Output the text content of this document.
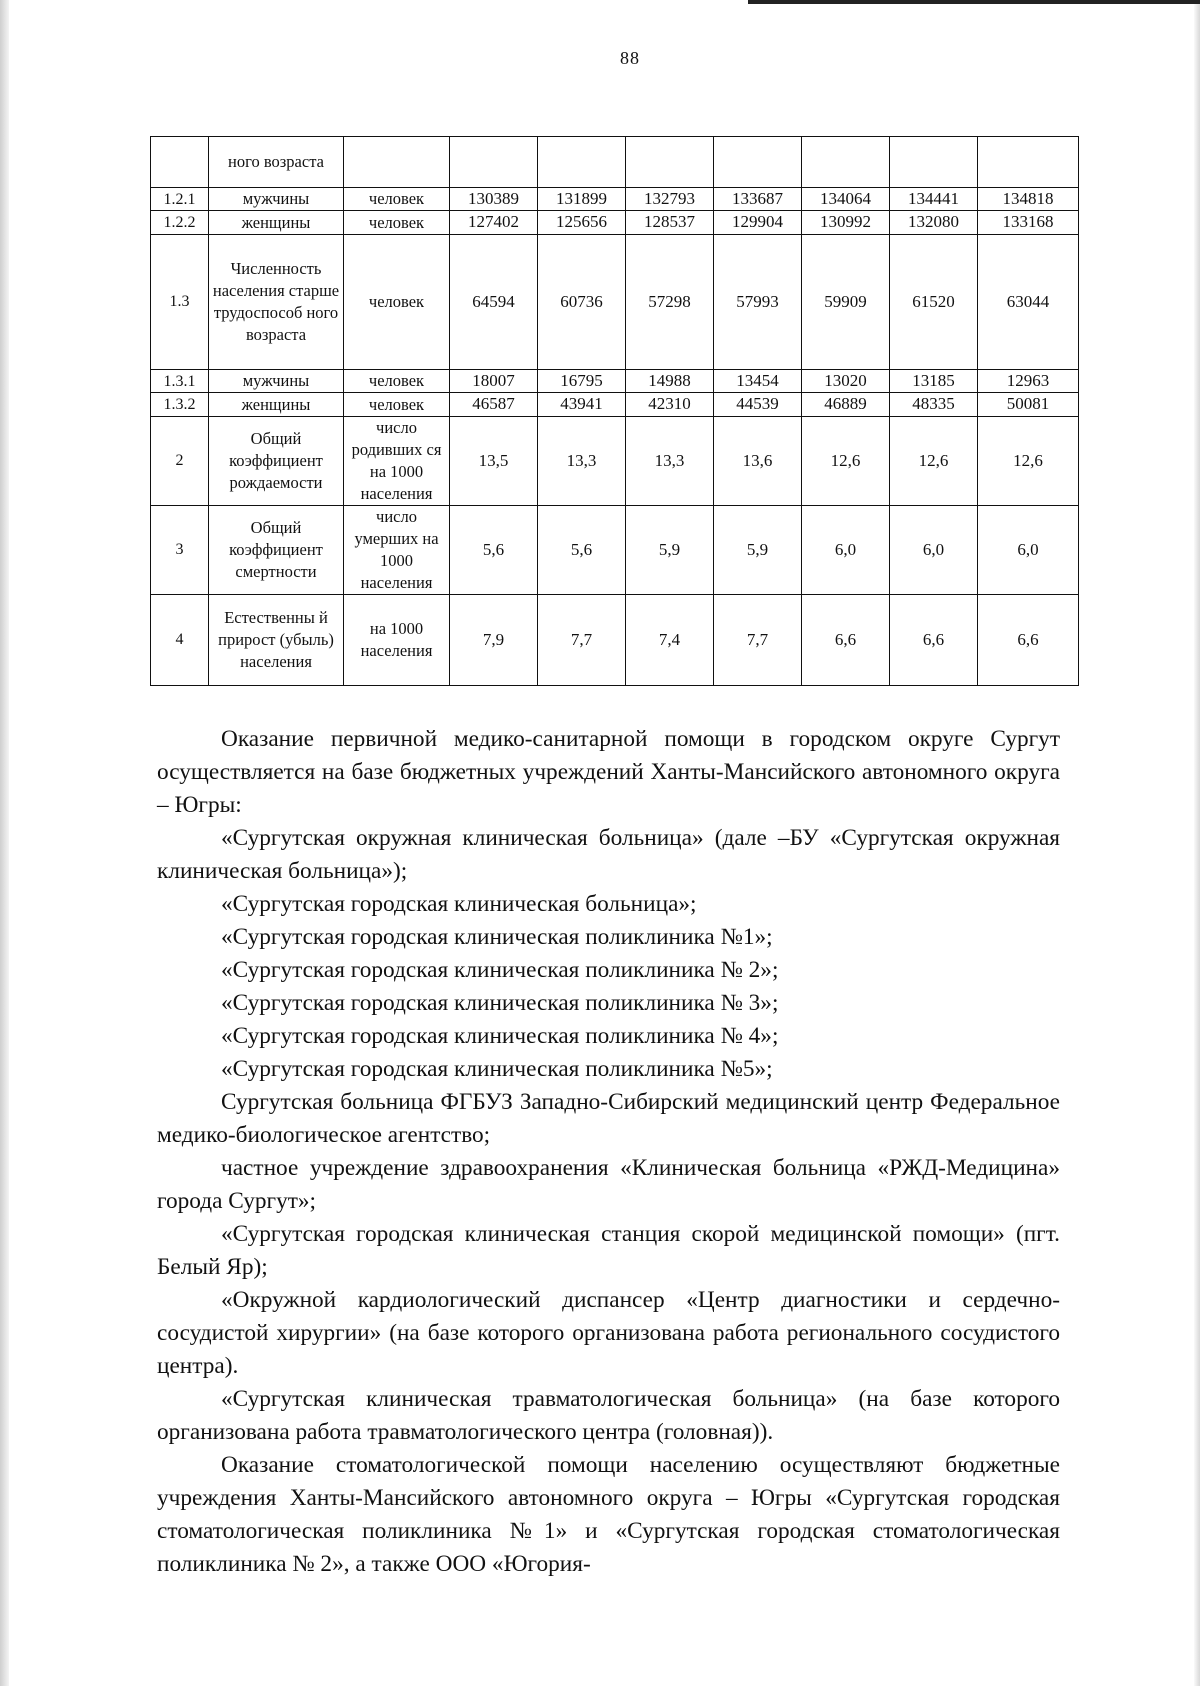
88
	ного возраста								
1.2.1	мужчины	человек	130389	131899	132793	133687	134064	134441	134818
1.2.2	женщины	человек	127402	125656	128537	129904	130992	132080	133168
1.3	Численность населения старше трудоспособ ного возраста	человек	64594	60736	57298	57993	59909	61520	63044
1.3.1	мужчины	человек	18007	16795	14988	13454	13020	13185	12963
1.3.2	женщины	человек	46587	43941	42310	44539	46889	48335	50081
2	Общий коэффициент рождаемости	число родивших ся на 1000 населения	13,5	13,3	13,3	13,6	12,6	12,6	12,6
3	Общий коэффициент смертности	число умерших на 1000 населения	5,6	5,6	5,9	5,9	6,0	6,0	6,0
4	Естественны й прирост (убыль) населения	на 1000 населения	7,9	7,7	7,4	7,7	6,6	6,6	6,6

Оказание первичной медико-санитарной помощи в городском округе Сургут осуществляется на базе бюджетных учреждений Ханты-Мансийского автономного округа – Югры:

«Сургутская окружная клиническая больница» (дале –БУ «Сургутская окружная клиническая больница»);

«Сургутская городская клиническая больница»;

«Сургутская городская клиническая поликлиника №1»;

«Сургутская городская клиническая поликлиника № 2»;

«Сургутская городская клиническая поликлиника № 3»;

«Сургутская городская клиническая поликлиника № 4»;

«Сургутская городская клиническая поликлиника №5»;

Сургутская больница ФГБУЗ Западно-Сибирский медицинский центр Федеральное медико-биологическое агентство;

частное учреждение здравоохранения «Клиническая больница «РЖД-Медицина» города Сургут»;

«Сургутская городская клиническая станция скорой медицинской помощи» (пгт. Белый Яр);

«Окружной кардиологический диспансер «Центр диагностики и сердечно-сосудистой хирургии» (на базе которого организована работа регионального сосудистого центра).

«Сургутская клиническая травматологическая больница» (на базе которого организована работа травматологического центра (головная)).

Оказание стоматологической помощи населению осуществляют бюджетные учреждения Ханты-Мансийского автономного округа – Югры «Сургутская городская стоматологическая поликлиника №1» и «Сургутская городская стоматологическая поликлиника № 2», а также ООО «Югория-
